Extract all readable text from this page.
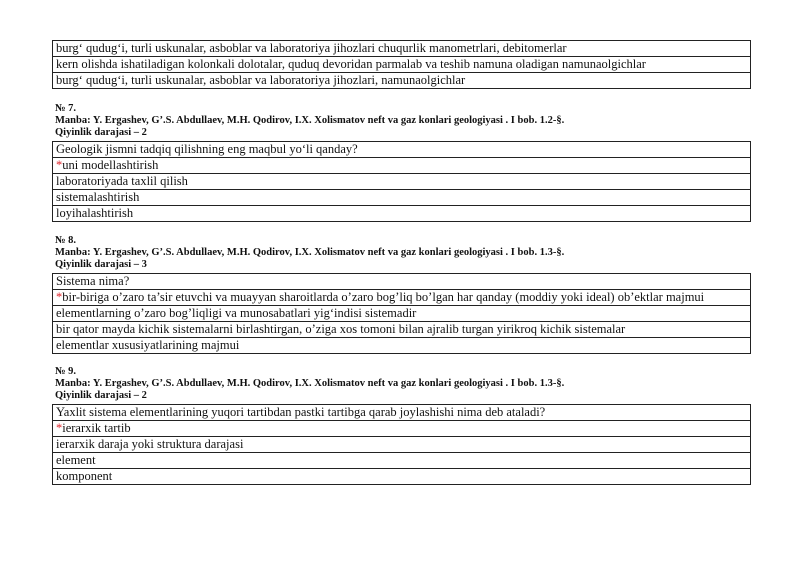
burg‘ qudug‘i, turli uskunalar, asboblar va laboratoriya jihozlari chuqurlik manometrlari, debitomerlar
kern olishda ishatiladigan kolonkali dolotalar, quduq devoridan parmalab va teshib namuna oladigan namunaolgichlar
burg‘ qudug‘i, turli uskunalar, asboblar va laboratoriya jihozlari, namunaolgichlar
№ 7.
Manba: Y. Ergashev, G’.S. Abdullaev, M.H. Qodirov, I.X. Xolismatov neft va gaz konlari geologiyasi . I bob. 1.2-§.
Qiyinlik darajasi – 2
Geologik jismni tadqiq qilishning eng maqbul yo‘li qanday?
*uni modellashtirish
laboratoriyada taxlil qilish
sistemalashtirish
loyihalashtirish
№ 8.
Manba: Y. Ergashev, G’.S. Abdullaev, M.H. Qodirov, I.X. Xolismatov neft va gaz konlari geologiyasi . I bob. 1.3-§.
Qiyinlik darajasi – 3
Sistema nima?
*bir-biriga o’zaro ta’sir etuvchi va muayyan sharoitlarda o’zaro bog’liq bo’lgan har qanday (moddiy yoki ideal) ob’ektlar majmui
elementlarning o’zaro bog’liqligi va munosabatlari yig‘indisi sistemadir
bir qator mayda kichik sistemalarni birlashtirgan, o’ziga xos tomoni bilan ajralib turgan yirikroq kichik sistemalar
elementlar xususiyatlarining majmui
№ 9.
Manba: Y. Ergashev, G’.S. Abdullaev, M.H. Qodirov, I.X. Xolismatov neft va gaz konlari geologiyasi . I bob. 1.3-§.
Qiyinlik darajasi – 2
Yaxlit sistema elementlarining yuqori tartibdan pastki tartibga qarab joylashishi nima deb ataladi?
*ierarxik tartib
ierarxik daraja yoki struktura darajasi
element
komponent
